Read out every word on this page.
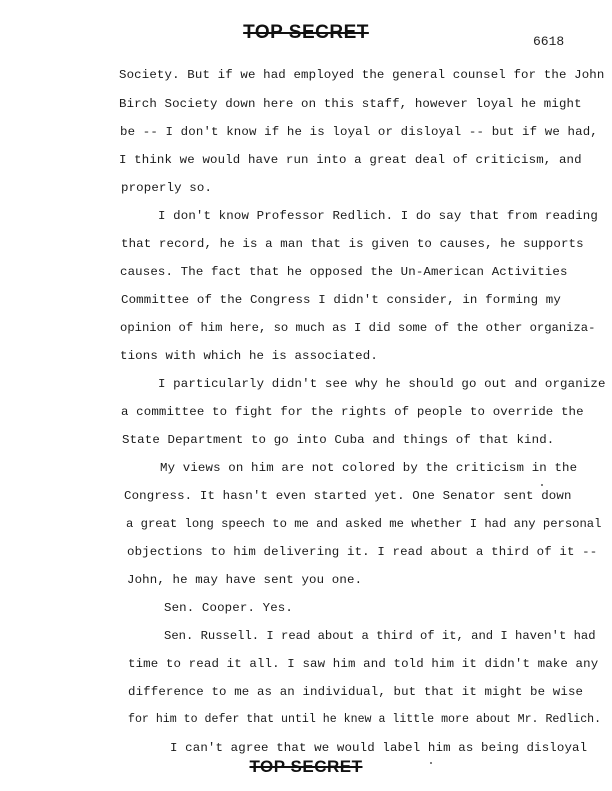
TOP SECRET	6618
Society. But if we had employed the general counsel for the John
Birch Society down here on this staff, however loyal he might
be -- I don't know if he is loyal or disloyal -- but if we had,
I think we would have run into a great deal of criticism, and
properly so.
I don't know Professor Redlich. I do say that from reading
that record, he is a man that is given to causes, he supports
causes. The fact that he opposed the Un-American Activities
Committee of the Congress I didn't consider, in forming my
opinion of him here, so much as I did some of the other organiza-
tions with which he is associated.
I particularly didn't see why he should go out and organize
a committee to fight for the rights of people to override the
State Department to go into Cuba and things of that kind.
My views on him are not colored by the criticism in the
Congress. It hasn't even started yet. One Senator sent down
a great long speech to me and asked me whether I had any personal
objections to him delivering it. I read about a third of it --
John, he may have sent you one.
Sen. Cooper. Yes.
Sen. Russell. I read about a third of it, and I haven't had
time to read it all. I saw him and told him it didn't make any
difference to me as an individual, but that it might be wise
for him to defer that until he knew a little more about Mr. Redlich.
I can't agree that we would label him as being disloyal
TOP SECRET
